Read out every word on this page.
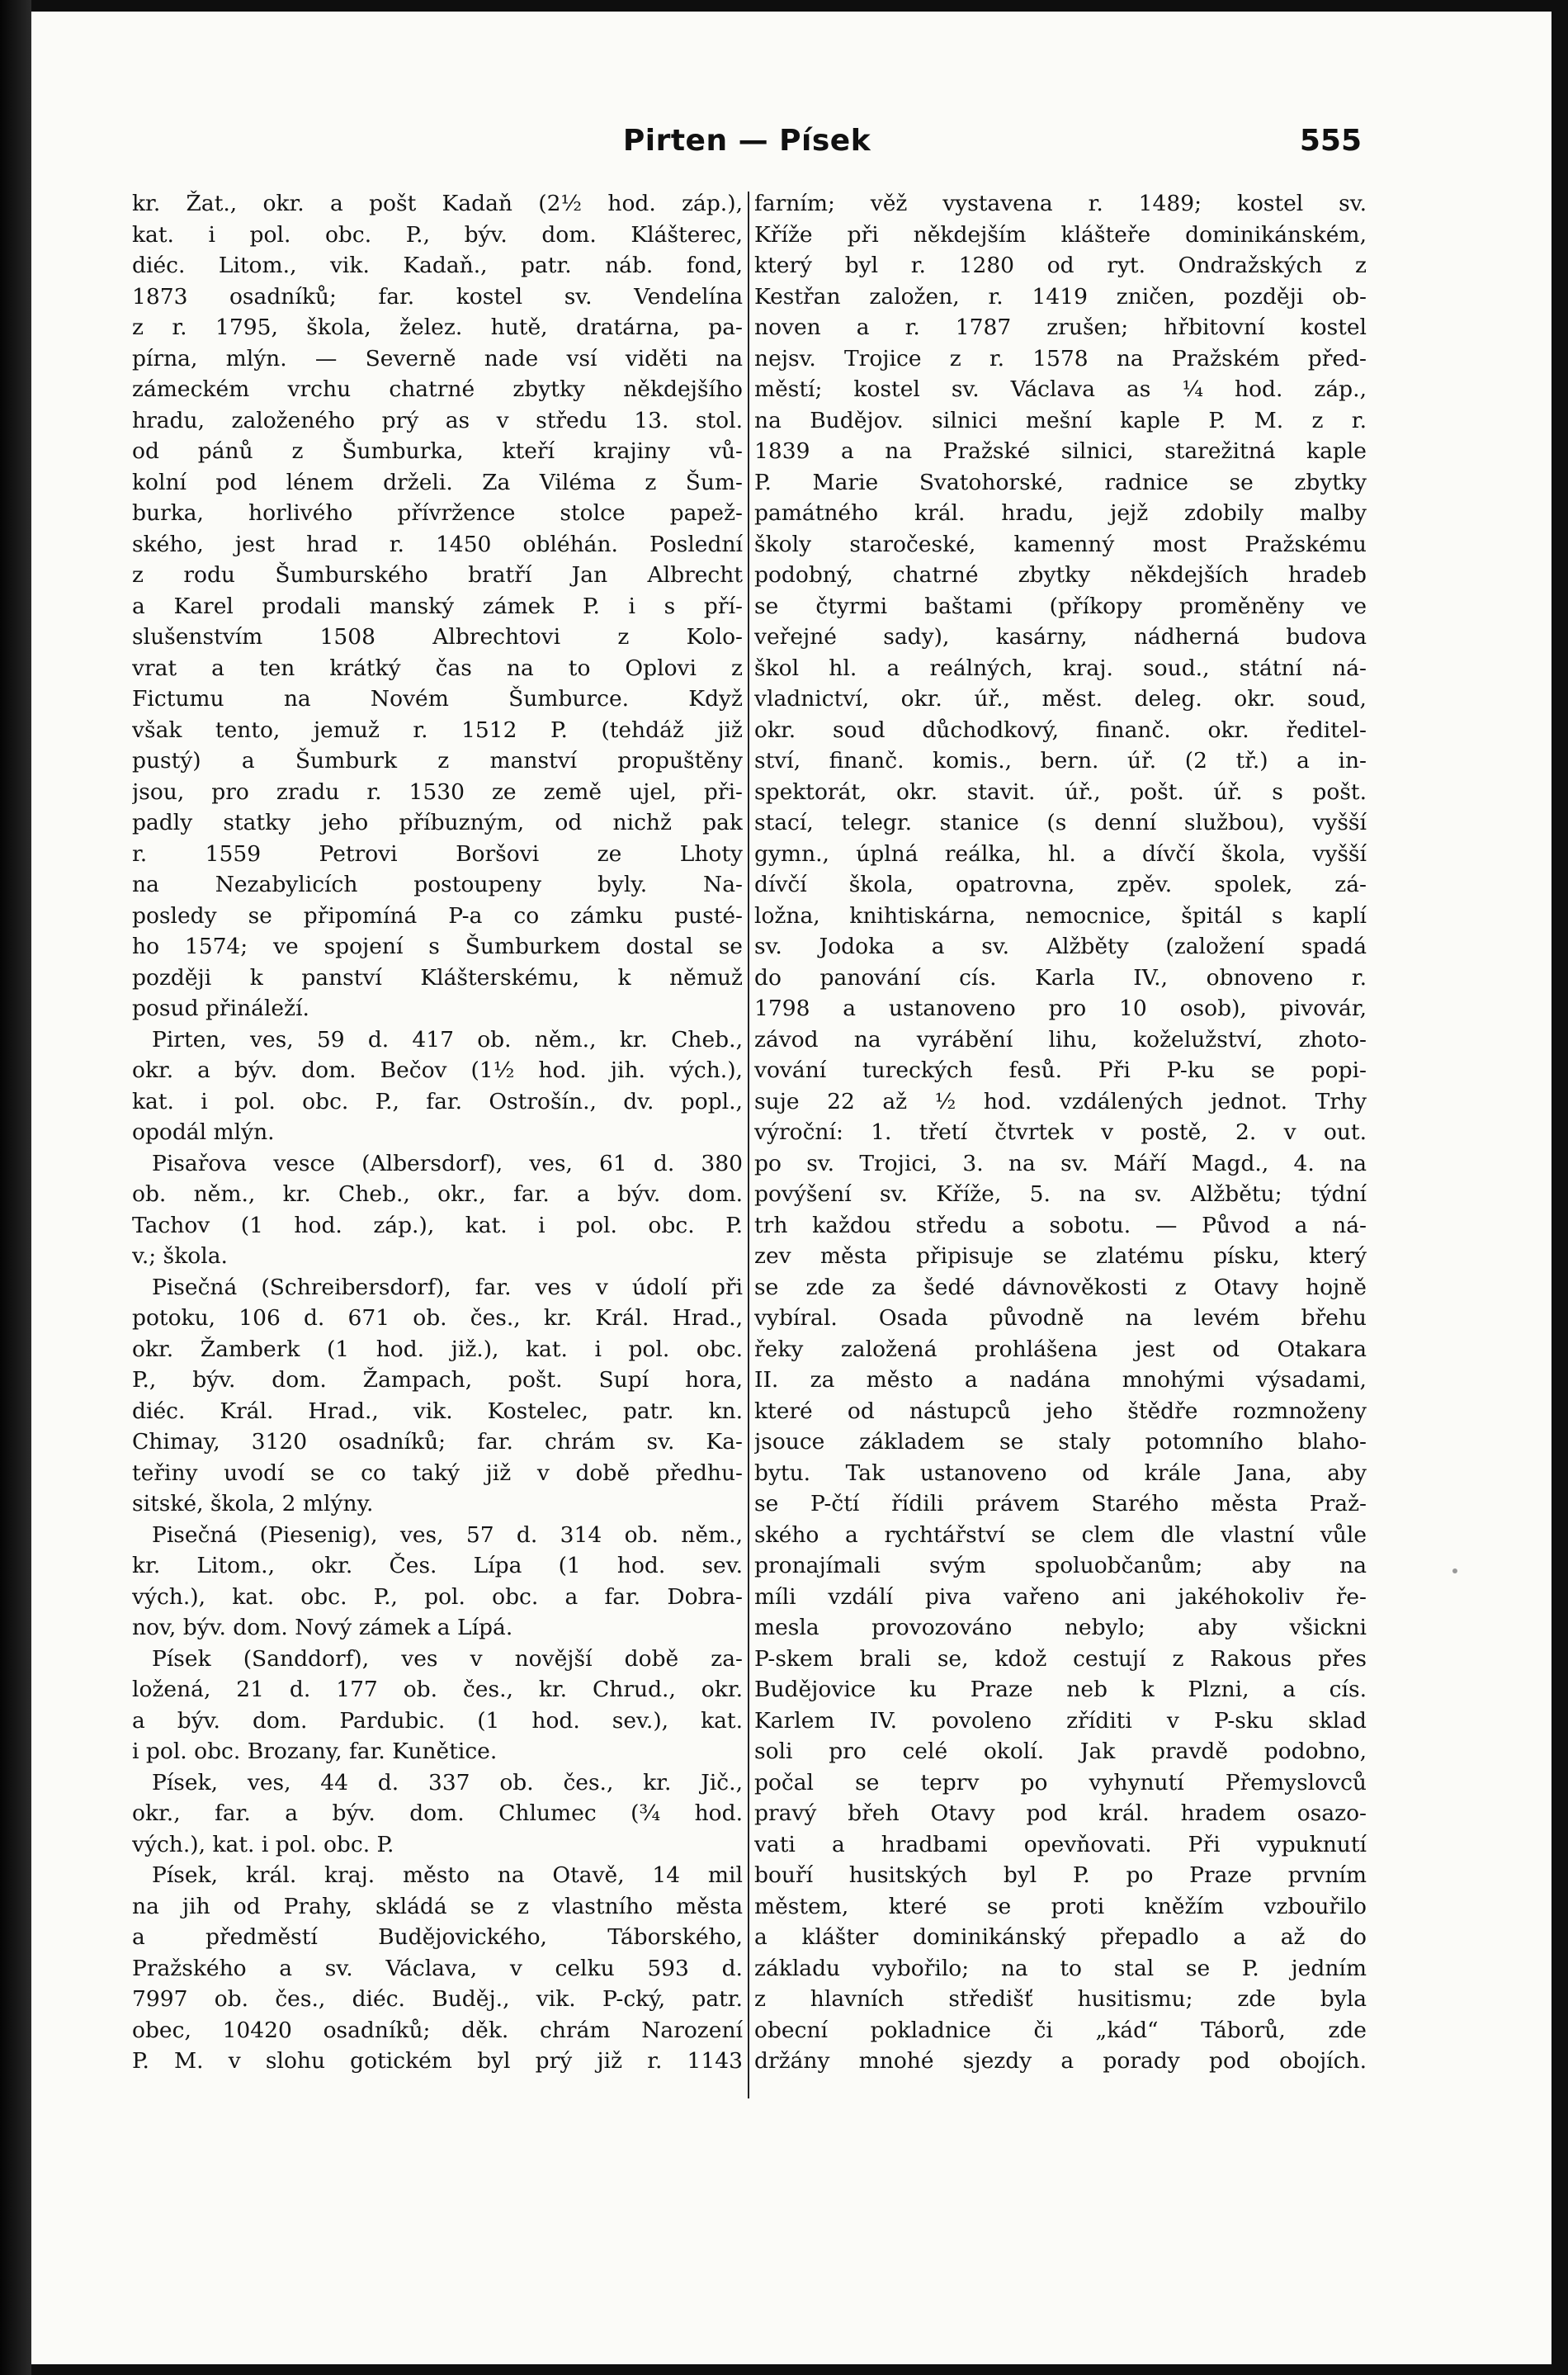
Pirten — Písek	555
kr. Žat., okr. a pošt Kadaň (2½ hod. záp.),
kat. i pol. obc. P., býv. dom. Klášterec,
diéc. Litom., vik. Kadaň., patr. náb. fond,
1873 osadníků; far. kostel sv. Vendelína
z r. 1795, škola, želez. hutě, dratárna, pa-
pírna, mlýn. — Severně nade vsí viděti na
zámeckém vrchu chatrné zbytky někdejšího
hradu, založeného prý as v středu 13. stol.
od pánů z Šumburka, kteří krajiny vů-
kolní pod lénem drželi. Za Viléma z Šum-
burka, horlivého přívržence stolce papež-
ského, jest hrad r. 1450 obléhán. Poslední
z rodu Šumburského bratří Jan Albrecht
a Karel prodali manský zámek P. i s pří-
slušenstvím 1508 Albrechtovi z Kolo-
vrat a ten krátký čas na to Oplovi z
Fictumu na Novém Šumburce. Když
však tento, jemuž r. 1512 P. (tehdáž již
pustý) a Šumburk z manství propuštěny
jsou, pro zradu r. 1530 ze země ujel, při-
padly statky jeho příbuzným, od nichž pak
r. 1559 Petrovi Boršovi ze Lhoty
na Nezabylicích postoupeny byly. Na-
posledy se připomíná P-a co zámku pusté-
ho 1574; ve spojení s Šumburkem dostal se
později k panství Klášterskému, k němuž
posud přináleží.
Pirten, ves, 59 d. 417 ob. něm., kr. Cheb.,
okr. a býv. dom. Bečov (1½ hod. jih. vých.),
kat. i pol. obc. P., far. Ostrošín., dv. popl.,
opodál mlýn.
Pisařova vesce (Albersdorf), ves, 61 d. 380
ob. něm., kr. Cheb., okr., far. a býv. dom.
Tachov (1 hod. záp.), kat. i pol. obc. P.
v.; škola.
Pisečná (Schreibersdorf), far. ves v údolí při
potoku, 106 d. 671 ob. čes., kr. Král. Hrad.,
okr. Žamberk (1 hod. již.), kat. i pol. obc.
P., býv. dom. Žampach, pošt. Supí hora,
diéc. Král. Hrad., vik. Kostelec, patr. kn.
Chimay, 3120 osadníků; far. chrám sv. Ka-
teřiny uvodí se co taký již v době předhu-
sitské, škola, 2 mlýny.
Pisečná (Piesenig), ves, 57 d. 314 ob. něm.,
kr. Litom., okr. Čes. Lípa (1 hod. sev.
vých.), kat. obc. P., pol. obc. a far. Dobra-
nov, býv. dom. Nový zámek a Lípá.
Písek (Sanddorf), ves v novější době za-
ložená, 21 d. 177 ob. čes., kr. Chrud., okr.
a býv. dom. Pardubic. (1 hod. sev.), kat.
i pol. obc. Brozany, far. Kunětice.
Písek, ves, 44 d. 337 ob. čes., kr. Jič.,
okr., far. a býv. dom. Chlumec (¾ hod.
vých.), kat. i pol. obc. P.
Písek, král. kraj. město na Otavě, 14 mil
na jih od Prahy, skládá se z vlastního města
a předměstí Budějovického, Táborského,
Pražského a sv. Václava, v celku 593 d.
7997 ob. čes., diéc. Buděj., vik. P-cký, patr.
obec, 10420 osadníků; děk. chrám Narození
P. M. v slohu gotickém byl prý již r. 1143
farním; věž vystavena r. 1489; kostel sv.
Kříže při někdejším klášteře dominikánském,
který byl r. 1280 od ryt. Ondražských z
Kestřan založen, r. 1419 zničen, později ob-
noven a r. 1787 zrušen; hřbitovní kostel
nejsv. Trojice z r. 1578 na Pražském před-
městí; kostel sv. Václava as ¼ hod. záp.,
na Budějov. silnici mešní kaple P. M. z r.
1839 a na Pražské silnici, starežitná kaple
P. Marie Svatohorské, radnice se zbytky
památného král. hradu, jejž zdobily malby
školy staročeské, kamenný most Pražskému
podobný, chatrné zbytky někdejších hradeb
se čtyrmi baštami (příkopy proměněny ve
veřejné sady), kasárny, nádherná budova
škol hl. a reálných, kraj. soud., státní ná-
vladnictví, okr. úř., měst. deleg. okr. soud,
okr. soud důchodkový, finanč. okr. ředitel-
ství, finanč. komis., bern. úř. (2 tř.) a in-
spektorát, okr. stavit. úř., pošt. úř. s pošt.
stací, telegr. stanice (s denní službou), vyšší
gymn., úplná reálka, hl. a dívčí škola, vyšší
dívčí škola, opatrovna, zpěv. spolek, zá-
ložna, knihtiskárna, nemocnice, špitál s kaplí
sv. Jodoka a sv. Alžběty (založení spadá
do panování cís. Karla IV., obnoveno r.
1798 a ustanoveno pro 10 osob), pivovár,
závod na vyrábění lihu, koželužství, zhoto-
vování tureckých fesů. Při P-ku se popi-
suje 22 až ½ hod. vzdálených jednot. Trhy
výroční: 1. třetí čtvrtek v postě, 2. v out.
po sv. Trojici, 3. na sv. Máří Magd., 4. na
povýšení sv. Kříže, 5. na sv. Alžbětu; týdní
trh každou středu a sobotu. — Původ a ná-
zev města připisuje se zlatému písku, který
se zde za šedé dávnověkosti z Otavy hojně
vybíral. Osada původně na levém břehu
řeky založená prohlášena jest od Otakara
II. za město a nadána mnohými výsadami,
které od nástupců jeho štědře rozmnoženy
jsouce základem se staly potomního blaho-
bytu. Tak ustanoveno od krále Jana, aby
se P-čtí řídili právem Starého města Praž-
ského a rychtářství se clem dle vlastní vůle
pronajímali svým spoluobčanům; aby na
míli vzdálí piva vařeno ani jakéhokoliv ře-
mesla provozováno nebylo; aby všickni
P-skem brali se, kdož cestují z Rakous přes
Budějovice ku Praze neb k Plzni, a cís.
Karlem IV. povoleno zříditi v P-sku sklad
soli pro celé okolí. Jak pravdě podobno,
počal se teprv po vyhynutí Přemyslovců
pravý břeh Otavy pod král. hradem osazo-
vati a hradbami opevňovati. Při vypuknutí
bouří husitských byl P. po Praze prvním
městem, které se proti kněžím vzbouřilo
a klášter dominikánský přepadlo a až do
základu vybořilo; na to stal se P. jedním
z hlavních středišť husitismu; zde byla
obecní pokladnice či „kád“ Táborů, zde
držány mnohé sjezdy a porady pod obojích.
